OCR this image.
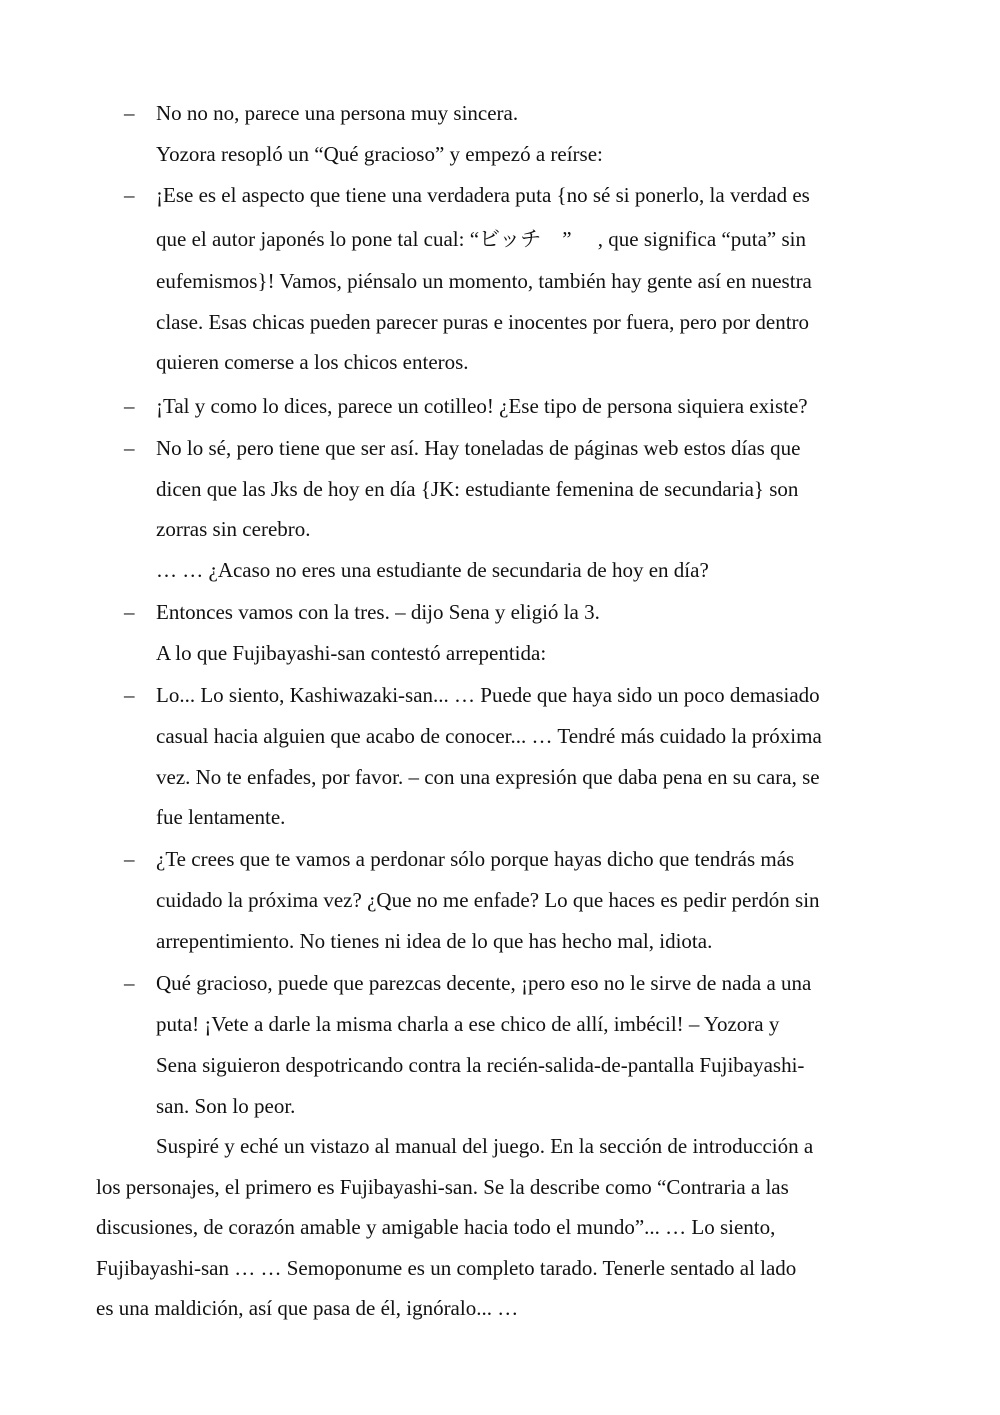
– No no no, parece una persona muy sincera.
Yozora resopló un “Qué gracioso” y empezó a reírse:
– ¡Ese es el aspecto que tiene una verdadera puta {no sé si ponerlo, la verdad es
que el autor japonés lo pone tal cual: “ビッチ　” 　, que significa “puta” sin
eufemismos}! Vamos, piénsalo un momento, también hay gente así en nuestra
clase. Esas chicas pueden parecer puras e inocentes por fuera, pero por dentro
quieren comerse a los chicos enteros.
– ¡Tal y como lo dices, parece un cotilleo! ¿Ese tipo de persona siquiera existe?
– No lo sé, pero tiene que ser así. Hay toneladas de páginas web estos días que
dicen que las Jks de hoy en día {JK: estudiante femenina de secundaria} son
zorras sin cerebro.
… … ¿Acaso no eres una estudiante de secundaria de hoy en día?
– Entonces vamos con la tres. – dijo Sena y eligió la 3.
A lo que Fujibayashi-san contestó arrepentida:
– Lo... Lo siento, Kashiwazaki-san... … Puede que haya sido un poco demasiado
casual hacia alguien que acabo de conocer... … Tendré más cuidado la próxima
vez. No te enfades, por favor. – con una expresión que daba pena en su cara, se
fue lentamente.
– ¿Te crees que te vamos a perdonar sólo porque hayas dicho que tendrás más
cuidado la próxima vez? ¿Que no me enfade? Lo que haces es pedir perdón sin
arrepentimiento. No tienes ni idea de lo que has hecho mal, idiota.
– Qué gracioso, puede que parezcas decente, ¡pero eso no le sirve de nada a una
puta! ¡Vete a darle la misma charla a ese chico de allí, imbécil! – Yozora y
Sena siguieron despotricando contra la recién-salida-de-pantalla Fujibayashi-
san. Son lo peor.
Suspiré y eché un vistazo al manual del juego. En la sección de introducción a
los personajes, el primero es Fujibayashi-san. Se la describe como “Contraria a las
discusiones, de corazón amable y amigable hacia todo el mundo”... … Lo siento,
Fujibayashi-san … … Semoponume es un completo tarado. Tenerle sentado al lado
es una maldición, así que pasa de él, ignóralo... …
